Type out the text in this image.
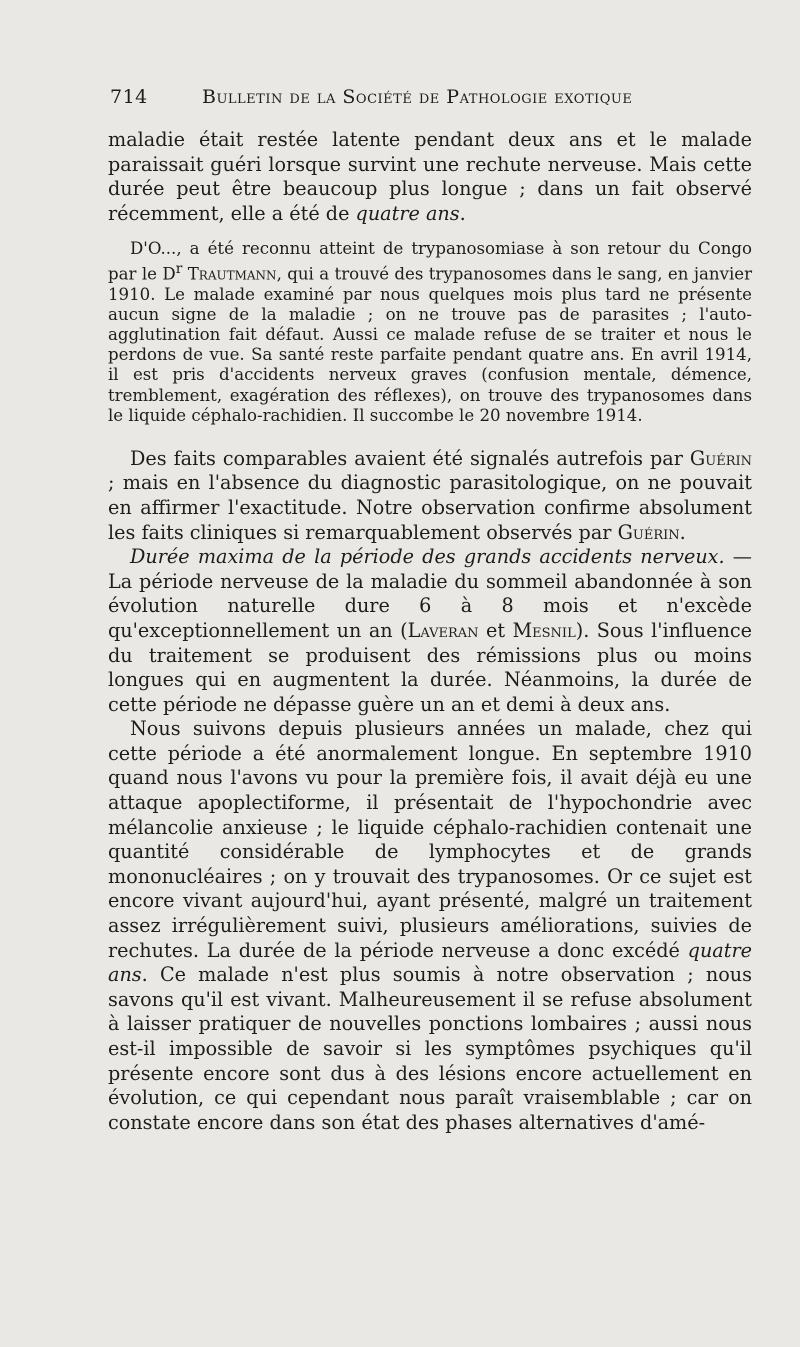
714	Bulletin de la Société de Pathologie exotique

maladie était restée latente pendant deux ans et le malade paraissait guéri lorsque survint une rechute nerveuse. Mais cette durée peut être beaucoup plus longue ; dans un fait observé récemment, elle a été de quatre ans.

D'O..., a été reconnu atteint de trypanosomiase à son retour du Congo par le $D^r$ Trautmann, qui a trouvé des trypanosomes dans le sang, en janvier 1910. Le malade examiné par nous quelques mois plus tard ne présente aucun signe de la maladie ; on ne trouve pas de parasites ; l'auto-agglutination fait défaut. Aussi ce malade refuse de se traiter et nous le perdons de vue. Sa santé reste parfaite pendant quatre ans. En avril 1914, il est pris d'accidents nerveux graves (confusion mentale, démence, tremblement, exagération des réflexes), on trouve des trypanosomes dans le liquide céphalo-rachidien. Il succombe le 20 novembre 1914.

Des faits comparables avaient été signalés autrefois par Guérin ; mais en l'absence du diagnostic parasitologique, on ne pouvait en affirmer l'exactitude. Notre observation confirme absolument les faits cliniques si remarquablement observés par Guérin.

Durée maxima de la période des grands accidents nerveux. — La période nerveuse de la maladie du sommeil abandonnée à son évolution naturelle dure 6 à 8 mois et n'excède qu'exceptionnellement un an (Laveran et Mesnil). Sous l'influence du traitement se produisent des rémissions plus ou moins longues qui en augmentent la durée. Néanmoins, la durée de cette période ne dépasse guère un an et demi à deux ans.

Nous suivons depuis plusieurs années un malade, chez qui cette période a été anormalement longue. En septembre 1910 quand nous l'avons vu pour la première fois, il avait déjà eu une attaque apoplectiforme, il présentait de l'hypochondrie avec mélancolie anxieuse ; le liquide céphalo-rachidien contenait une quantité considérable de lymphocytes et de grands mononucléaires ; on y trouvait des trypanosomes. Or ce sujet est encore vivant aujourd'hui, ayant présenté, malgré un traitement assez irrégulièrement suivi, plusieurs améliorations, suivies de rechutes. La durée de la période nerveuse a donc excédé quatre ans. Ce malade n'est plus soumis à notre observation ; nous savons qu'il est vivant. Malheureusement il se refuse absolument à laisser pratiquer de nouvelles ponctions lombaires ; aussi nous est-il impossible de savoir si les symptômes psychiques qu'il présente encore sont dus à des lésions encore actuellement en évolution, ce qui cependant nous paraît vraisemblable ; car on constate encore dans son état des phases alternatives d'amé-
